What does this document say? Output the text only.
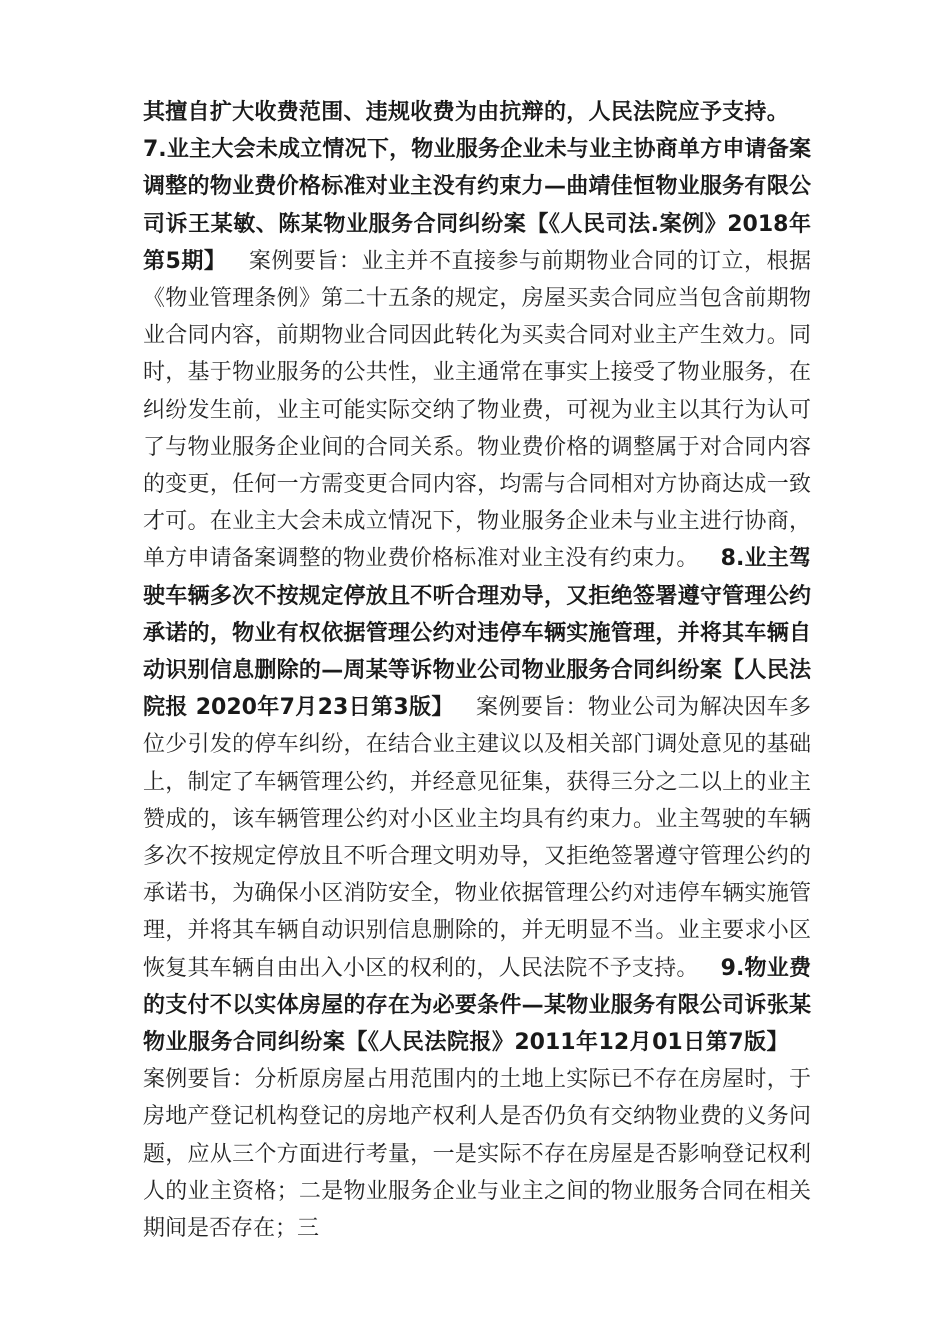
其擅自扩大收费范围、违规收费为由抗辩的，人民法院应予支持。7.业主大会未成立情况下，物业服务企业未与业主协商单方申请备案调整的物业费价格标准对业主没有约束力—曲靖佳恒物业服务有限公司诉王某敏、陈某物业服务合同纠纷案【《人民司法.案例》2018年第5期】 案例要旨：业主并不直接参与前期物业合同的订立，根据《物业管理条例》第二十五条的规定，房屋买卖合同应当包含前期物业合同内容，前期物业合同因此转化为买卖合同对业主产生效力。同时，基于物业服务的公共性，业主通常在事实上接受了物业服务，在纠纷发生前，业主可能实际交纳了物业费，可视为业主以其行为认可了与物业服务企业间的合同关系。物业费价格的调整属于对合同内容的变更，任何一方需变更合同内容，均需与合同相对方协商达成一致才可。在业主大会未成立情况下，物业服务企业未与业主进行协商，单方申请备案调整的物业费价格标准对业主没有约束力。 8.业主驾驶车辆多次不按规定停放且不听合理劝导，又拒绝签署遵守管理公约承诺的，物业有权依据管理公约对违停车辆实施管理，并将其车辆自动识别信息删除的—周某等诉物业公司物业服务合同纠纷案【人民法院报 2020年7月23日第3版】 案例要旨：物业公司为解决因车多位少引发的停车纠纷，在结合业主建议以及相关部门调处意见的基础上，制定了车辆管理公约，并经意见征集，获得三分之二以上的业主赞成的，该车辆管理公约对小区业主均具有约束力。业主驾驶的车辆多次不按规定停放且不听合理文明劝导，又拒绝签署遵守管理公约的承诺书，为确保小区消防安全，物业依据管理公约对违停车辆实施管理，并将其车辆自动识别信息删除的，并无明显不当。业主要求小区恢复其车辆自由出入小区的权利的，人民法院不予支持。 9.物业费的支付不以实体房屋的存在为必要条件—某物业服务有限公司诉张某物业服务合同纠纷案【《人民法院报》2011年12月01日第7版】案例要旨：分析原房屋占用范围内的土地上实际已不存在房屋时，于房地产登记机构登记的房地产权利人是否仍负有交纳物业费的义务问题，应从三个方面进行考量，一是实际不存在房屋是否影响登记权利人的业主资格；二是物业服务企业与业主之间的物业服务合同在相关期间是否存在；三
